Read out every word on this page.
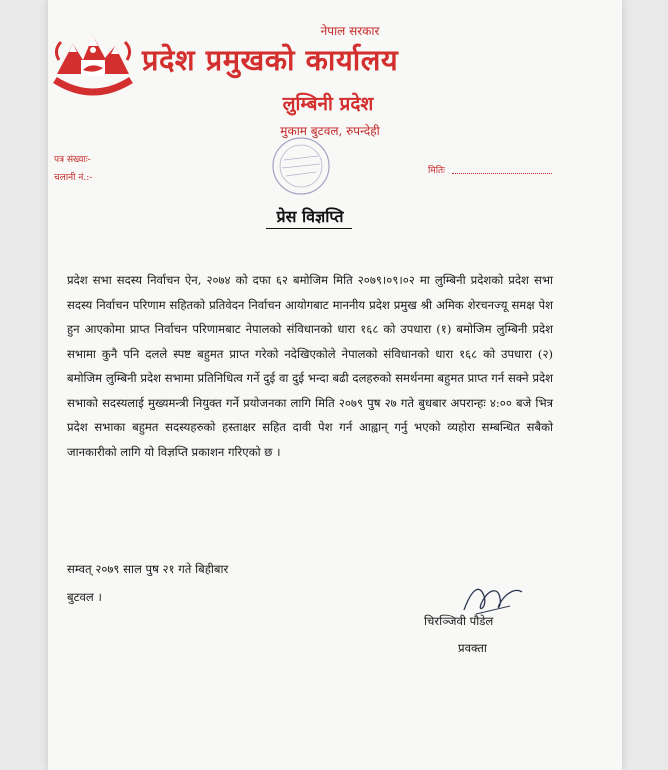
नेपाल सरकार
प्रदेश प्रमुखको कार्यालय
लुम्बिनी प्रदेश
मुकाम बुटवल, रुपन्देही
पत्र संख्याः-
चलानी नं.:-
मितिः
प्रेस विज्ञप्ति
प्रदेश सभा सदस्य निर्वाचन ऐन, २०७४ को दफा ६२ बमोजिम मिति २०७९।०९।०२ मा लुम्बिनी प्रदेशको प्रदेश सभा सदस्य निर्वाचन परिणाम सहितको प्रतिवेदन निर्वाचन आयोगबाट माननीय प्रदेश प्रमुख श्री अमिक शेरचनज्यू समक्ष पेश हुन आएकोमा प्राप्त निर्वाचन परिणामबाट नेपालको संविधानको धारा १६८ को उपधारा (१) बमोजिम लुम्बिनी प्रदेश सभामा कुनै पनि दलले स्पष्ट बहुमत प्राप्त गरेको नदेखिएकोले नेपालको संविधानको धारा १६८ को उपधारा (२) बमोजिम लुम्बिनी प्रदेश सभामा प्रतिनिधित्व गर्ने दुई वा दुई भन्दा बढी दलहरुको समर्थनमा बहुमत प्राप्त गर्न सक्ने प्रदेश सभाको सदस्यलाई मुख्यमन्त्री नियुक्त गर्ने प्रयोजनका लागि मिति २०७९ पुष २७ गते बुधबार अपरान्हः ४:०० बजे भित्र प्रदेश सभाका बहुमत सदस्यहरुको हस्ताक्षर सहित दावी पेश गर्न आह्वान् गर्नु भएको व्यहोरा सम्बन्धित सबैको जानकारीको लागि यो विज्ञप्ति प्रकाशन गरिएको छ ।
सम्वत् २०७९ साल पुष २१ गते बिहीबार
बुटवल ।
चिरञ्जिवी पौडेल
प्रवक्ता
